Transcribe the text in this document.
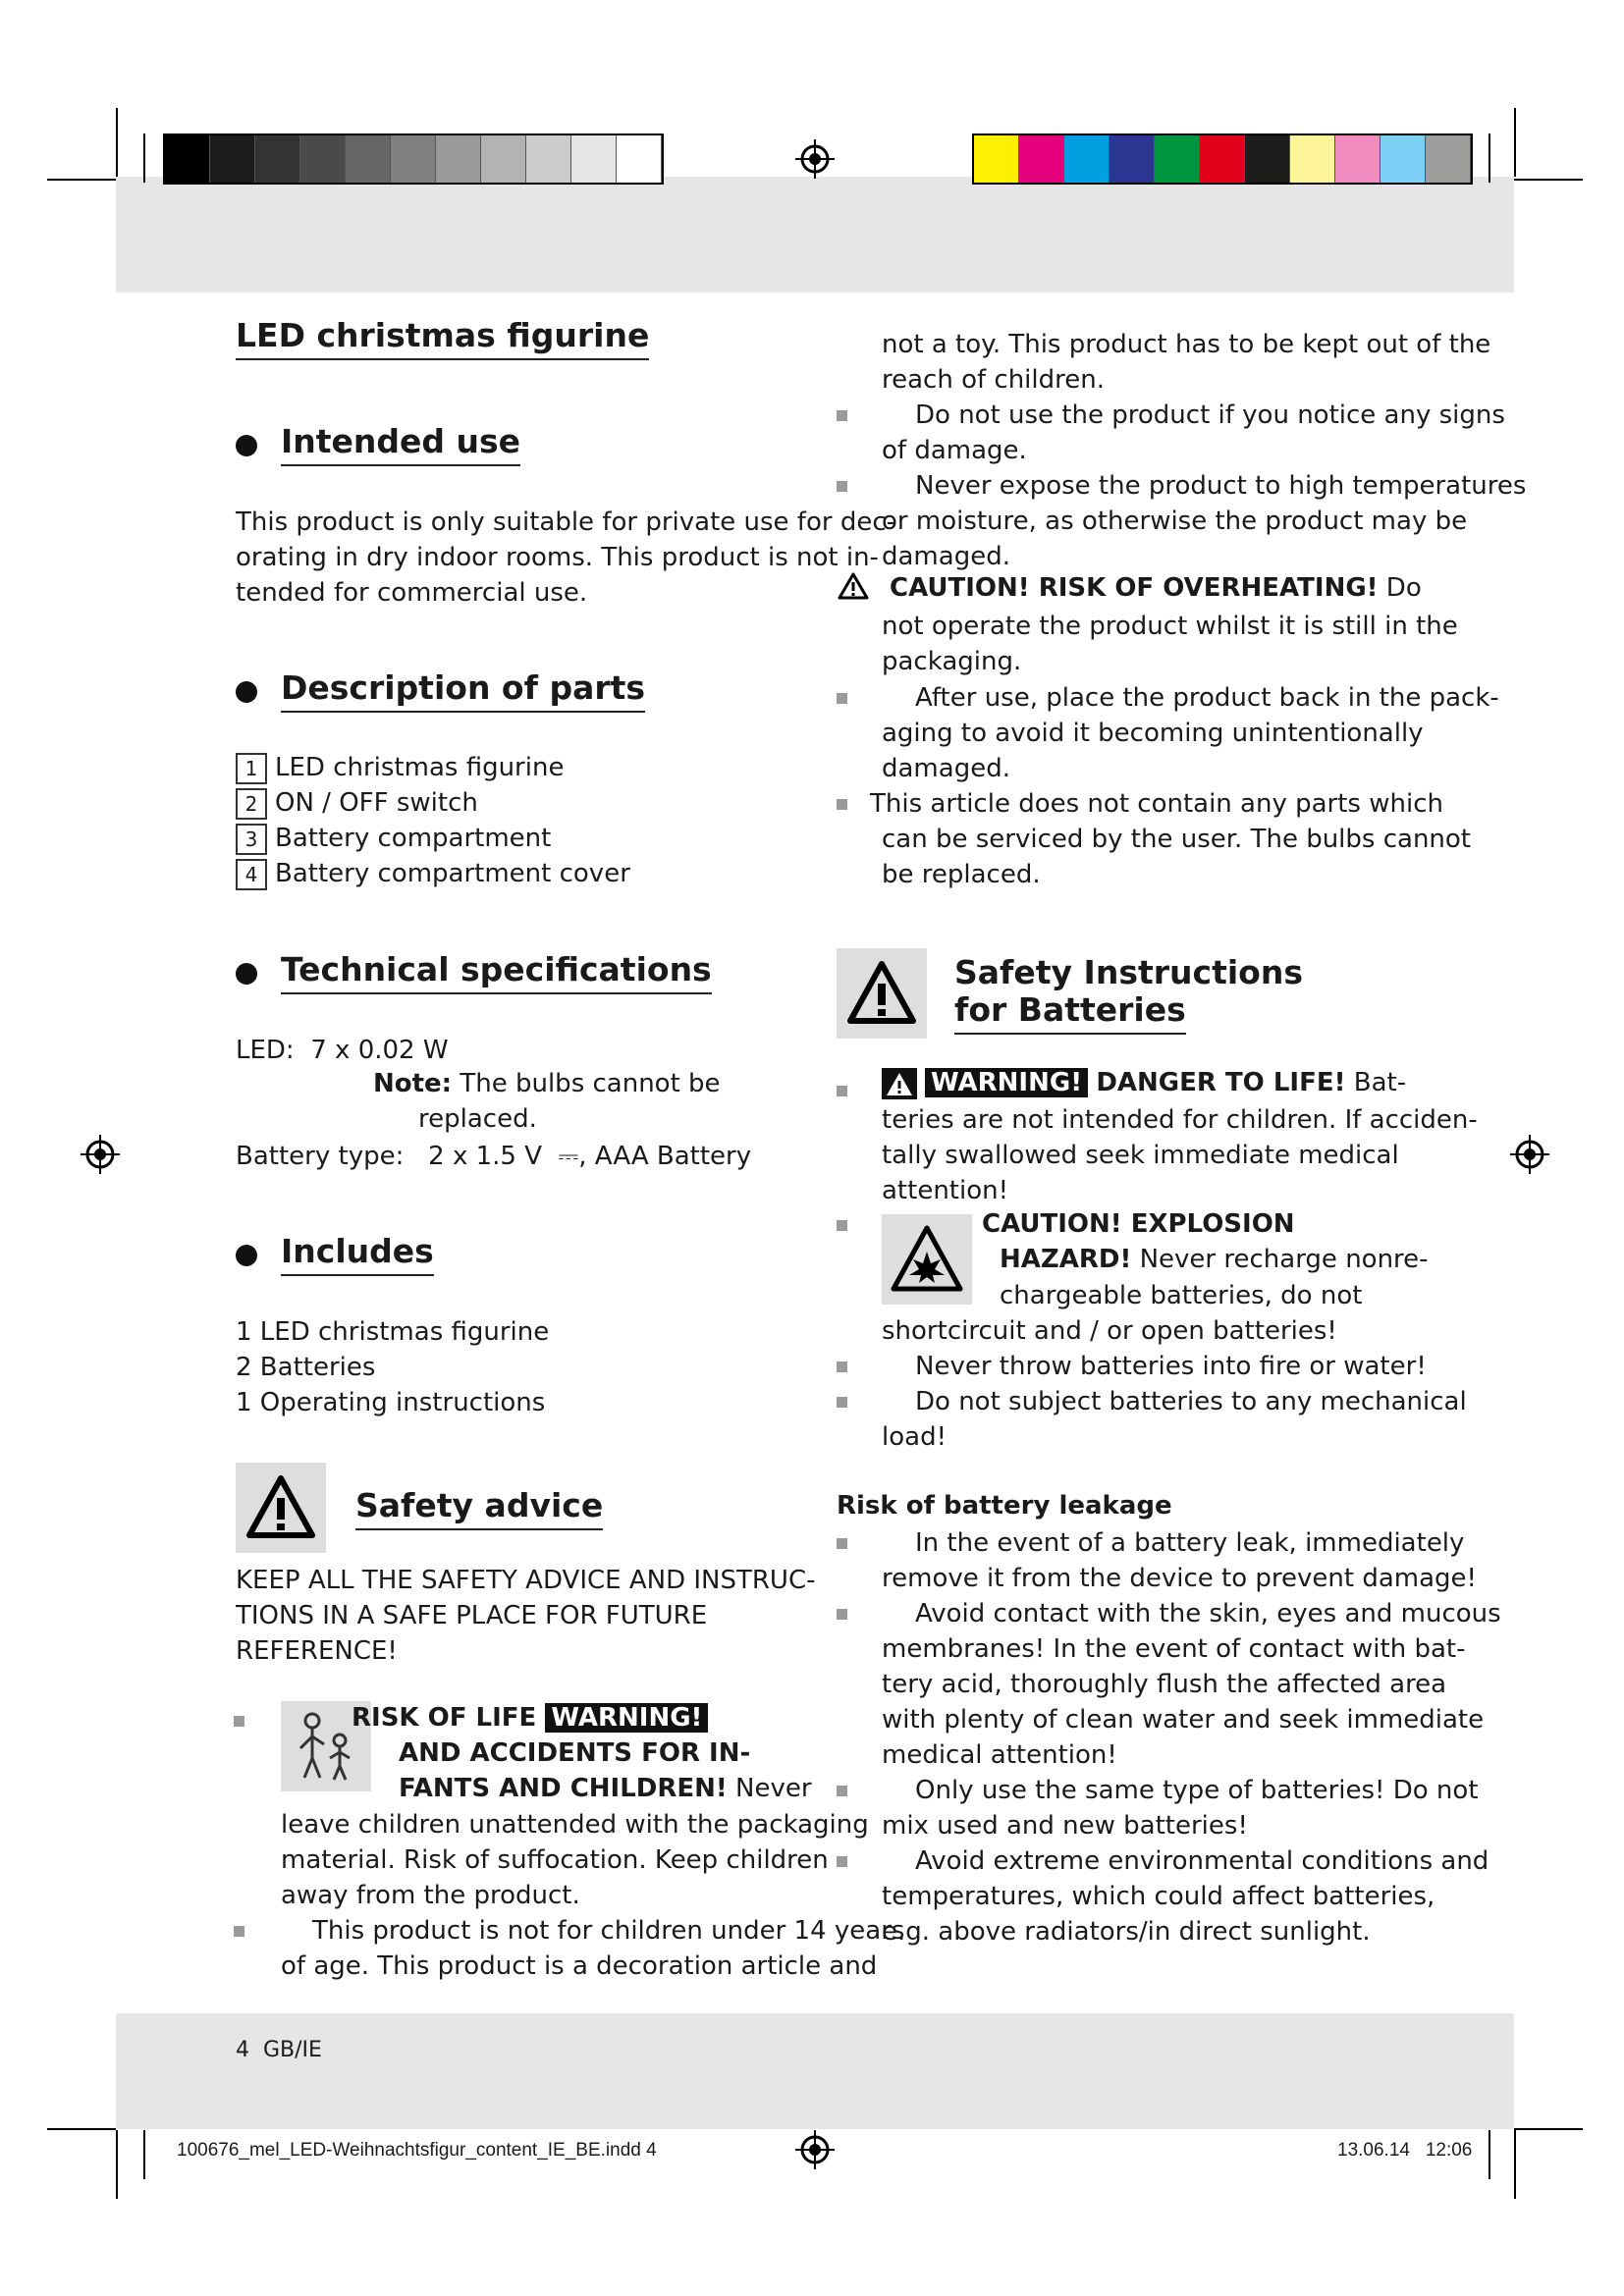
LED christmas figurine
Intended use

This product is only suitable for private use for dec-

orating in dry indoor rooms. This product is not in-

tended for commercial use.

Description of parts

1 LED christmas figurine

2 ON / OFF switch

3 Battery compartment

4 Battery compartment cover

Technical specifications
LED: 7 x 0.02 W
Note: The bulbs cannot be
replaced.
Battery type: 2 x 1.5 V ⎓, AAA Battery
Includes

1 LED christmas figurine

2 Batteries

1 Operating instructions

Safety advice

KEEP ALL THE SAFETY ADVICE AND INSTRUC-

TIONS IN A SAFE PLACE FOR FUTURE

REFERENCE!

RISK OF LIFE WARNING!
AND ACCIDENTS FOR IN-
FANTS AND CHILDREN! Never

leave children unattended with the packaging

material. Risk of suffocation. Keep children

away from the product.

This product is not for children under 14 years
of age. This product is a decoration article and

not a toy. This product has to be kept out of the

reach of children.

Do not use the product if you notice any signs
of damage.
Never expose the product to high temperatures

or moisture, as otherwise the product may be

damaged.

CAUTION! RISK OF OVERHEATING! Do

not operate the product whilst it is still in the

packaging.

After use, place the product back in the pack-

aging to avoid it becoming unintentionally

damaged.

This article does not contain any parts which

can be serviced by the user. The bulbs cannot

be replaced.

Safety Instructions

for Batteries

WARNING! DANGER TO LIFE! Bat-

teries are not intended for children. If acciden-

tally swallowed seek immediate medical

attention!

CAUTION! EXPLOSION
HAZARD! Never recharge nonre-
chargeable batteries, do not
shortcircuit and / or open batteries!
Never throw batteries into fire or water!
Do not subject batteries to any mechanical
load!
Risk of battery leakage
In the event of a battery leak, immediately
remove it from the device to prevent damage!
Avoid contact with the skin, eyes and mucous

membranes! In the event of contact with bat-

tery acid, thoroughly flush the affected area

with plenty of clean water and seek immediate

medical attention!

Only use the same type of batteries! Do not
mix used and new batteries!
Avoid extreme environmental conditions and

temperatures, which could affect batteries,

e.g. above radiators/in direct sunlight.

4 GB/IE
100676_mel_LED-Weihnachtsfigur_content_IE_BE.indd 4	13.06.14 12:06
